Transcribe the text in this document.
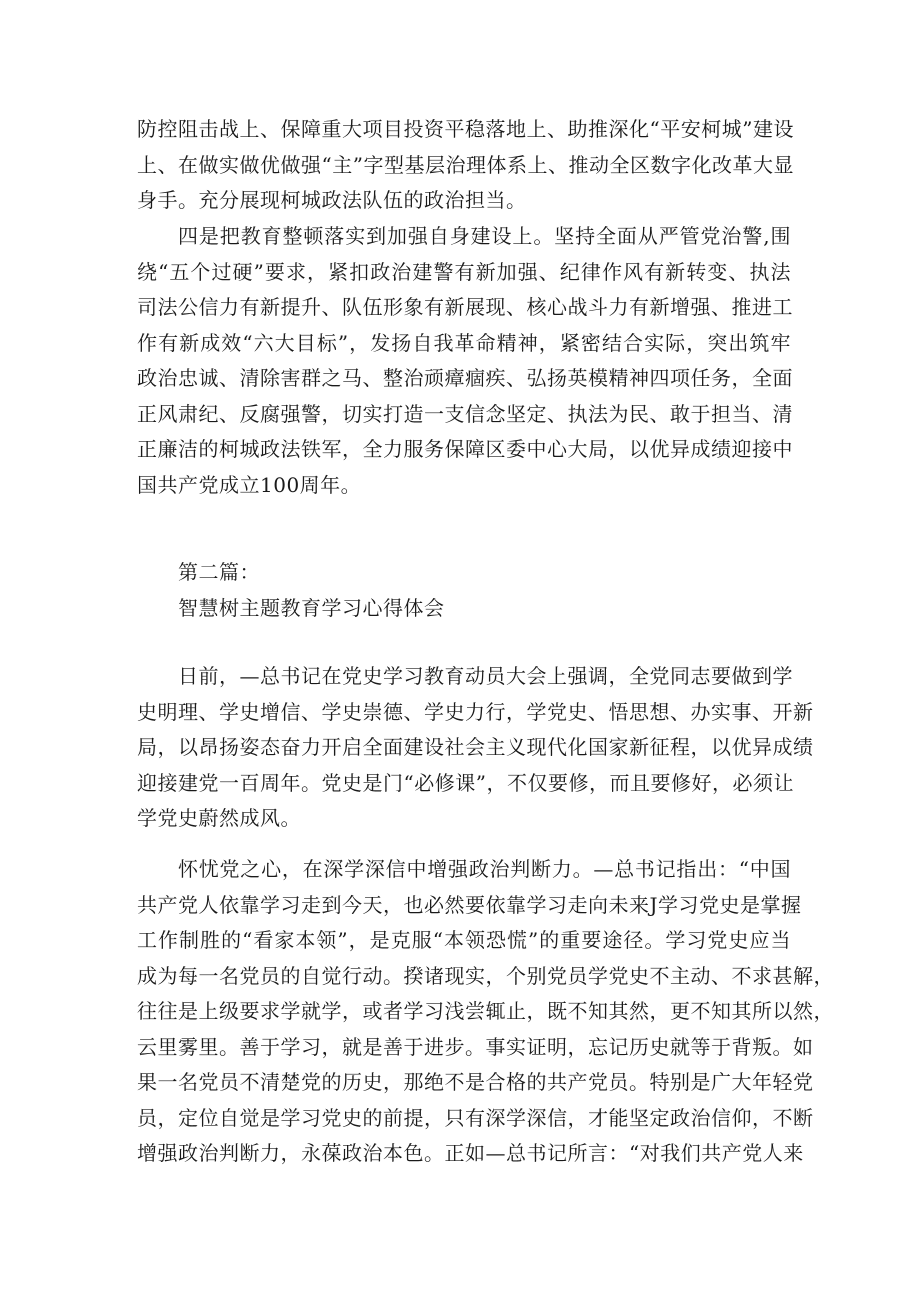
防控阻击战上、保障重大项目投资平稳落地上、助推深化“平安柯城”建设
上、在做实做优做强“主”字型基层治理体系上、推动全区数字化改革大显
身手。充分展现柯城政法队伍的政治担当。
四是把教育整顿落实到加强自身建设上。坚持全面从严管党治警,围
绕“五个过硬”要求，紧扣政治建警有新加强、纪律作风有新转变、执法
司法公信力有新提升、队伍形象有新展现、核心战斗力有新增强、推进工
作有新成效“六大目标”，发扬自我革命精神，紧密结合实际，突出筑牢
政治忠诚、清除害群之马、整治顽瘴痼疾、弘扬英模精神四项任务，全面
正风肃纪、反腐强警，切实打造一支信念坚定、执法为民、敢于担当、清
正廉洁的柯城政法铁军，全力服务保障区委中心大局，以优异成绩迎接中
国共产党成立100周年。
第二篇：
智慧树主题教育学习心得体会
日前，—总书记在党史学习教育动员大会上强调，全党同志要做到学
史明理、学史增信、学史崇德、学史力行，学党史、悟思想、办实事、开新
局，以昂扬姿态奋力开启全面建设社会主义现代化国家新征程，以优异成绩
迎接建党一百周年。党史是门“必修课”，不仅要修，而且要修好，必须让
学党史蔚然成风。
怀忧党之心，在深学深信中增强政治判断力。—总书记指出：“中国
共产党人依靠学习走到今天，也必然要依靠学习走向未来J学习党史是掌握
工作制胜的“看家本领”，是克服“本领恐慌”的重要途径。学习党史应当
成为每一名党员的自觉行动。揆诸现实，个别党员学党史不主动、不求甚解，
往往是上级要求学就学，或者学习浅尝辄止，既不知其然，更不知其所以然，
云里雾里。善于学习，就是善于进步。事实证明，忘记历史就等于背叛。如
果一名党员不清楚党的历史，那绝不是合格的共产党员。特别是广大年轻党
员，定位自觉是学习党史的前提，只有深学深信，才能坚定政治信仰，不断
增强政治判断力，永葆政治本色。正如—总书记所言：“对我们共产党人来
